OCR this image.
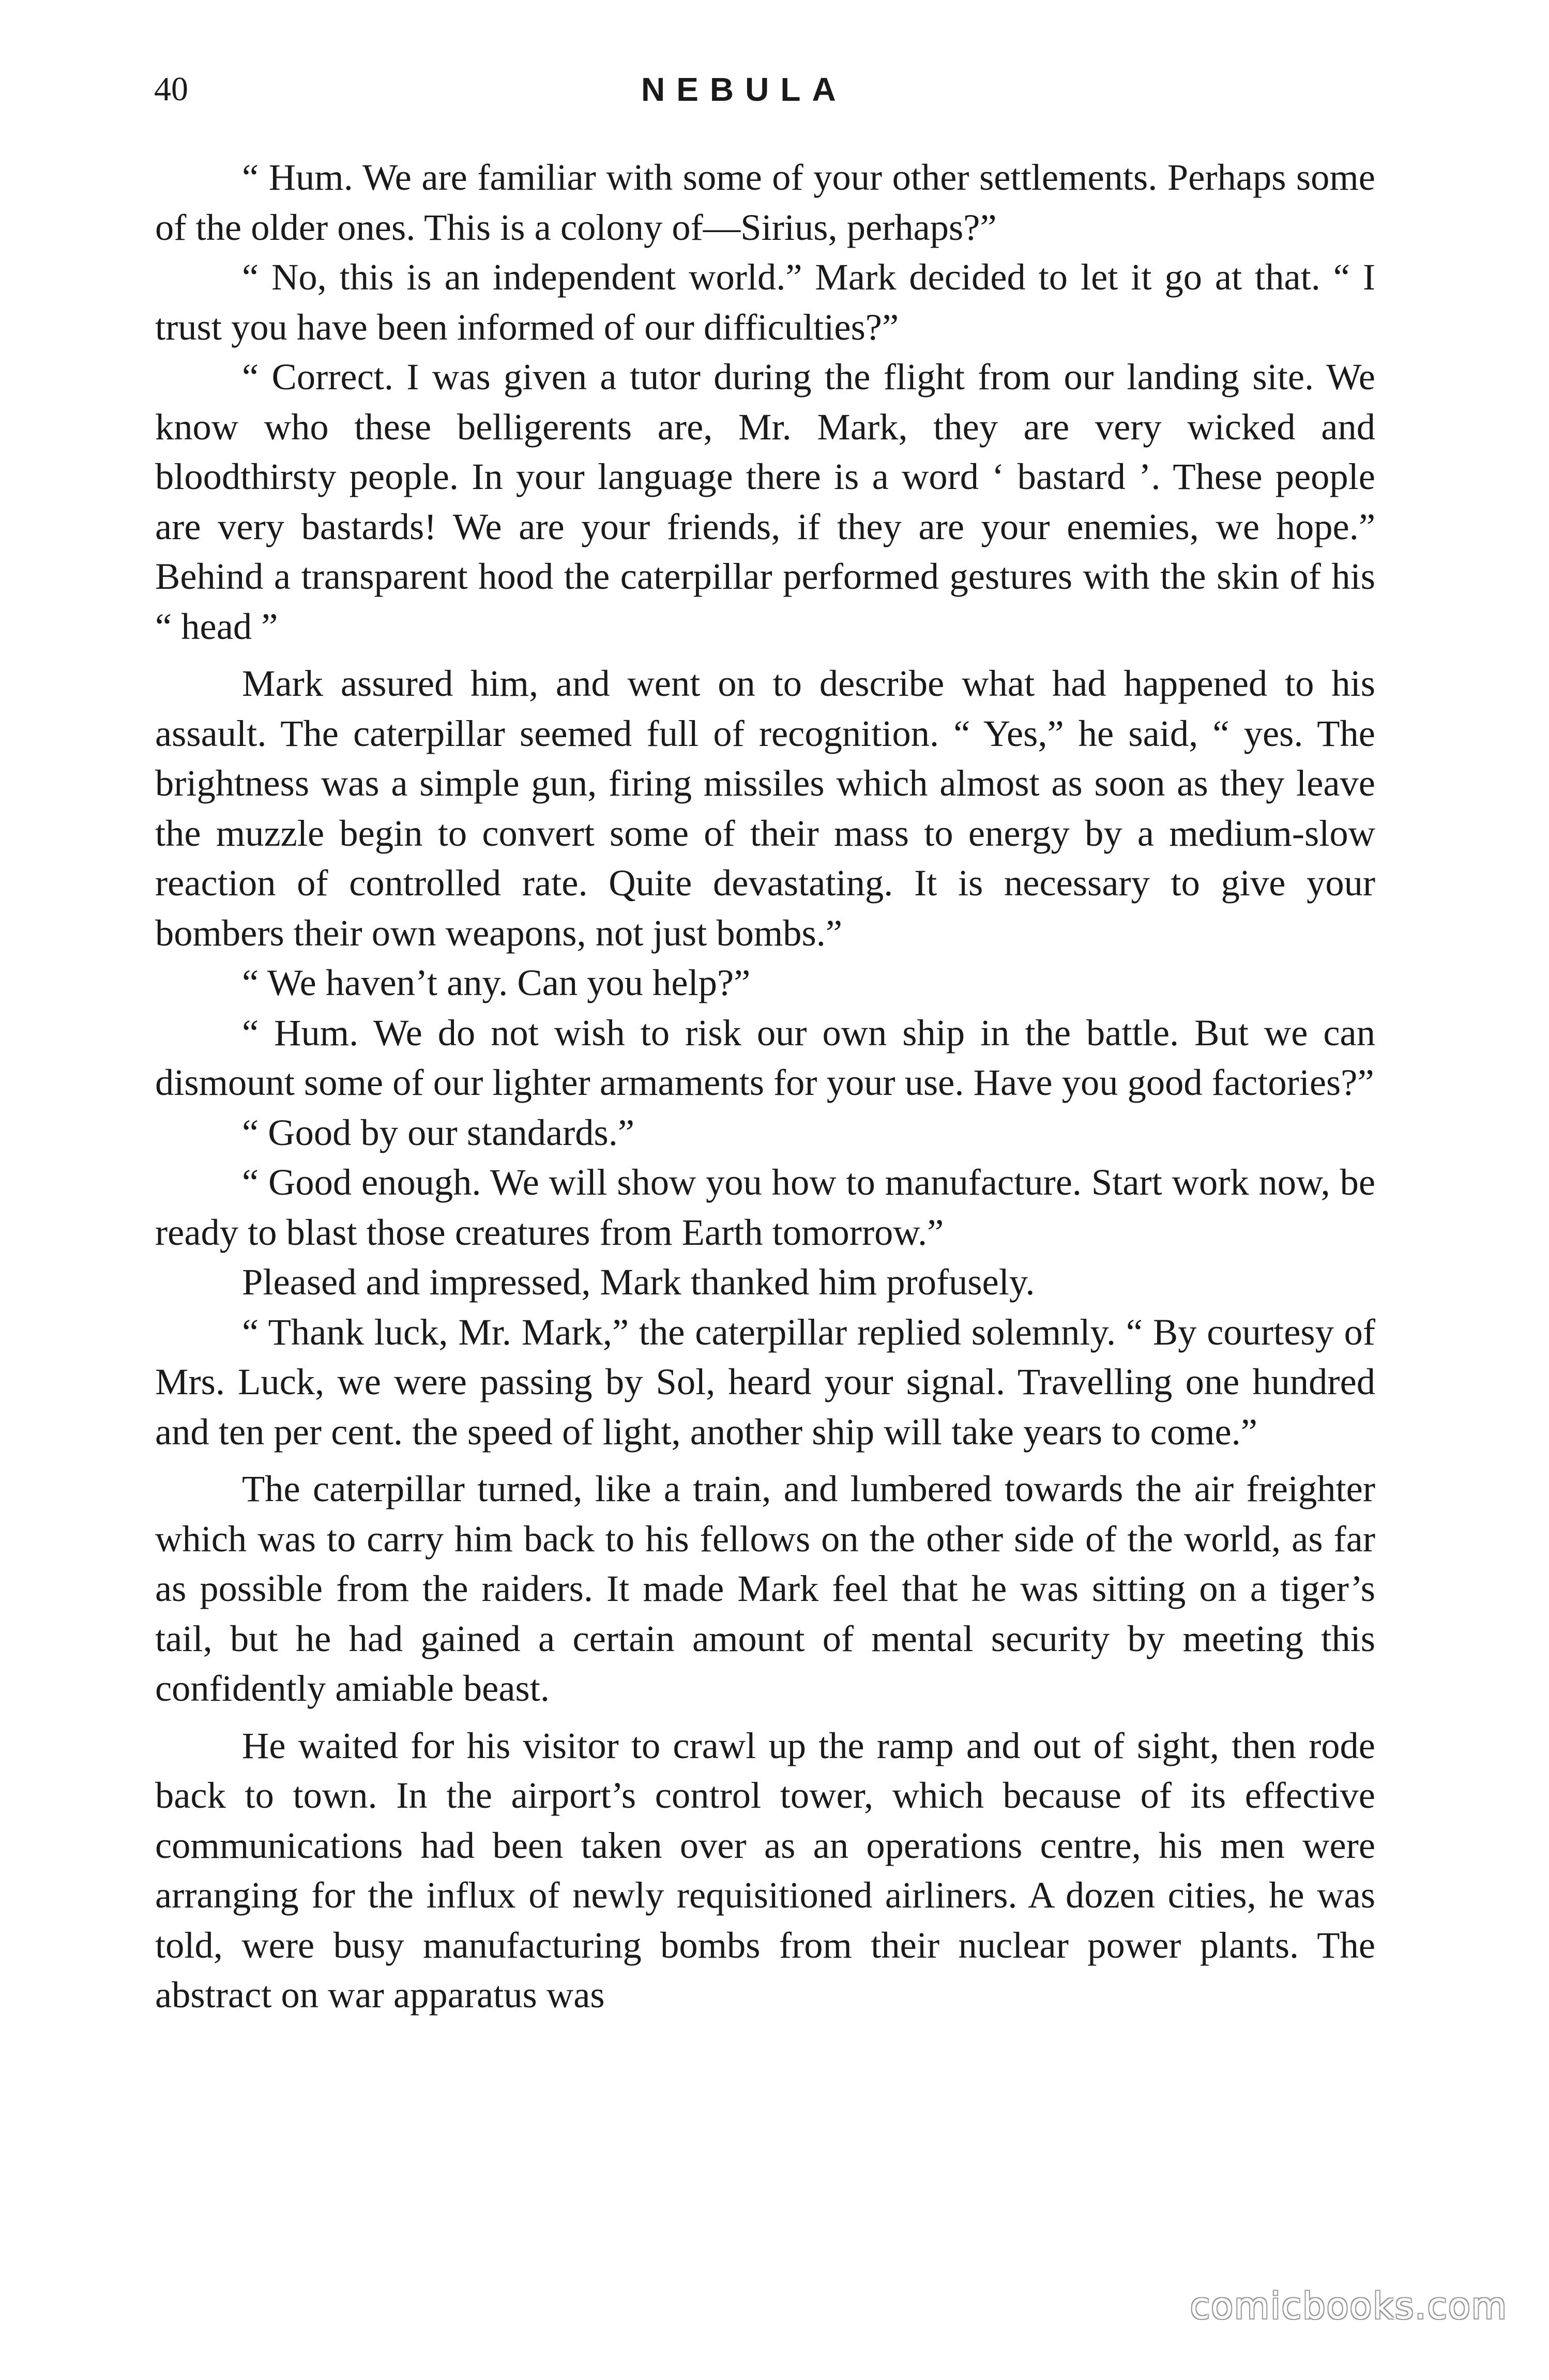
40	NEBULA

“ Hum. We are familiar with some of your other settlements. Perhaps some of the older ones. This is a colony of—Sirius, perhaps?”

“ No, this is an independent world.” Mark decided to let it go at that. “ I trust you have been informed of our difficulties?”

“ Correct. I was given a tutor during the flight from our landing site. We know who these belligerents are, Mr. Mark, they are very wicked and bloodthirsty people. In your language there is a word ‘ bastard ’. These people are very bastards! We are your friends, if they are your enemies, we hope.” Behind a transparent hood the caterpillar performed gestures with the skin of his “ head ”

Mark assured him, and went on to describe what had happened to his assault. The caterpillar seemed full of recognition. “ Yes,” he said, “ yes. The brightness was a simple gun, firing missiles which almost as soon as they leave the muzzle begin to convert some of their mass to energy by a medium-slow reaction of controlled rate. Quite devastating. It is necessary to give your bombers their own weapons, not just bombs.”

“ We haven’t any. Can you help?”

“ Hum. We do not wish to risk our own ship in the battle. But we can dismount some of our lighter armaments for your use. Have you good factories?”

“ Good by our standards.”

“ Good enough. We will show you how to manufacture. Start work now, be ready to blast those creatures from Earth tomorrow.”

Pleased and impressed, Mark thanked him profusely.

“ Thank luck, Mr. Mark,” the caterpillar replied solemnly. “ By courtesy of Mrs. Luck, we were passing by Sol, heard your signal. Travelling one hundred and ten per cent. the speed of light, another ship will take years to come.”

The caterpillar turned, like a train, and lumbered towards the air freighter which was to carry him back to his fellows on the other side of the world, as far as possible from the raiders. It made Mark feel that he was sitting on a tiger’s tail, but he had gained a certain amount of mental security by meeting this confidently amiable beast.

He waited for his visitor to crawl up the ramp and out of sight, then rode back to town. In the airport’s control tower, which because of its effective communications had been taken over as an operations centre, his men were arranging for the influx of newly requisitioned airliners. A dozen cities, he was told, were busy manufacturing bombs from their nuclear power plants. The abstract on war apparatus was

comicbooks.com
